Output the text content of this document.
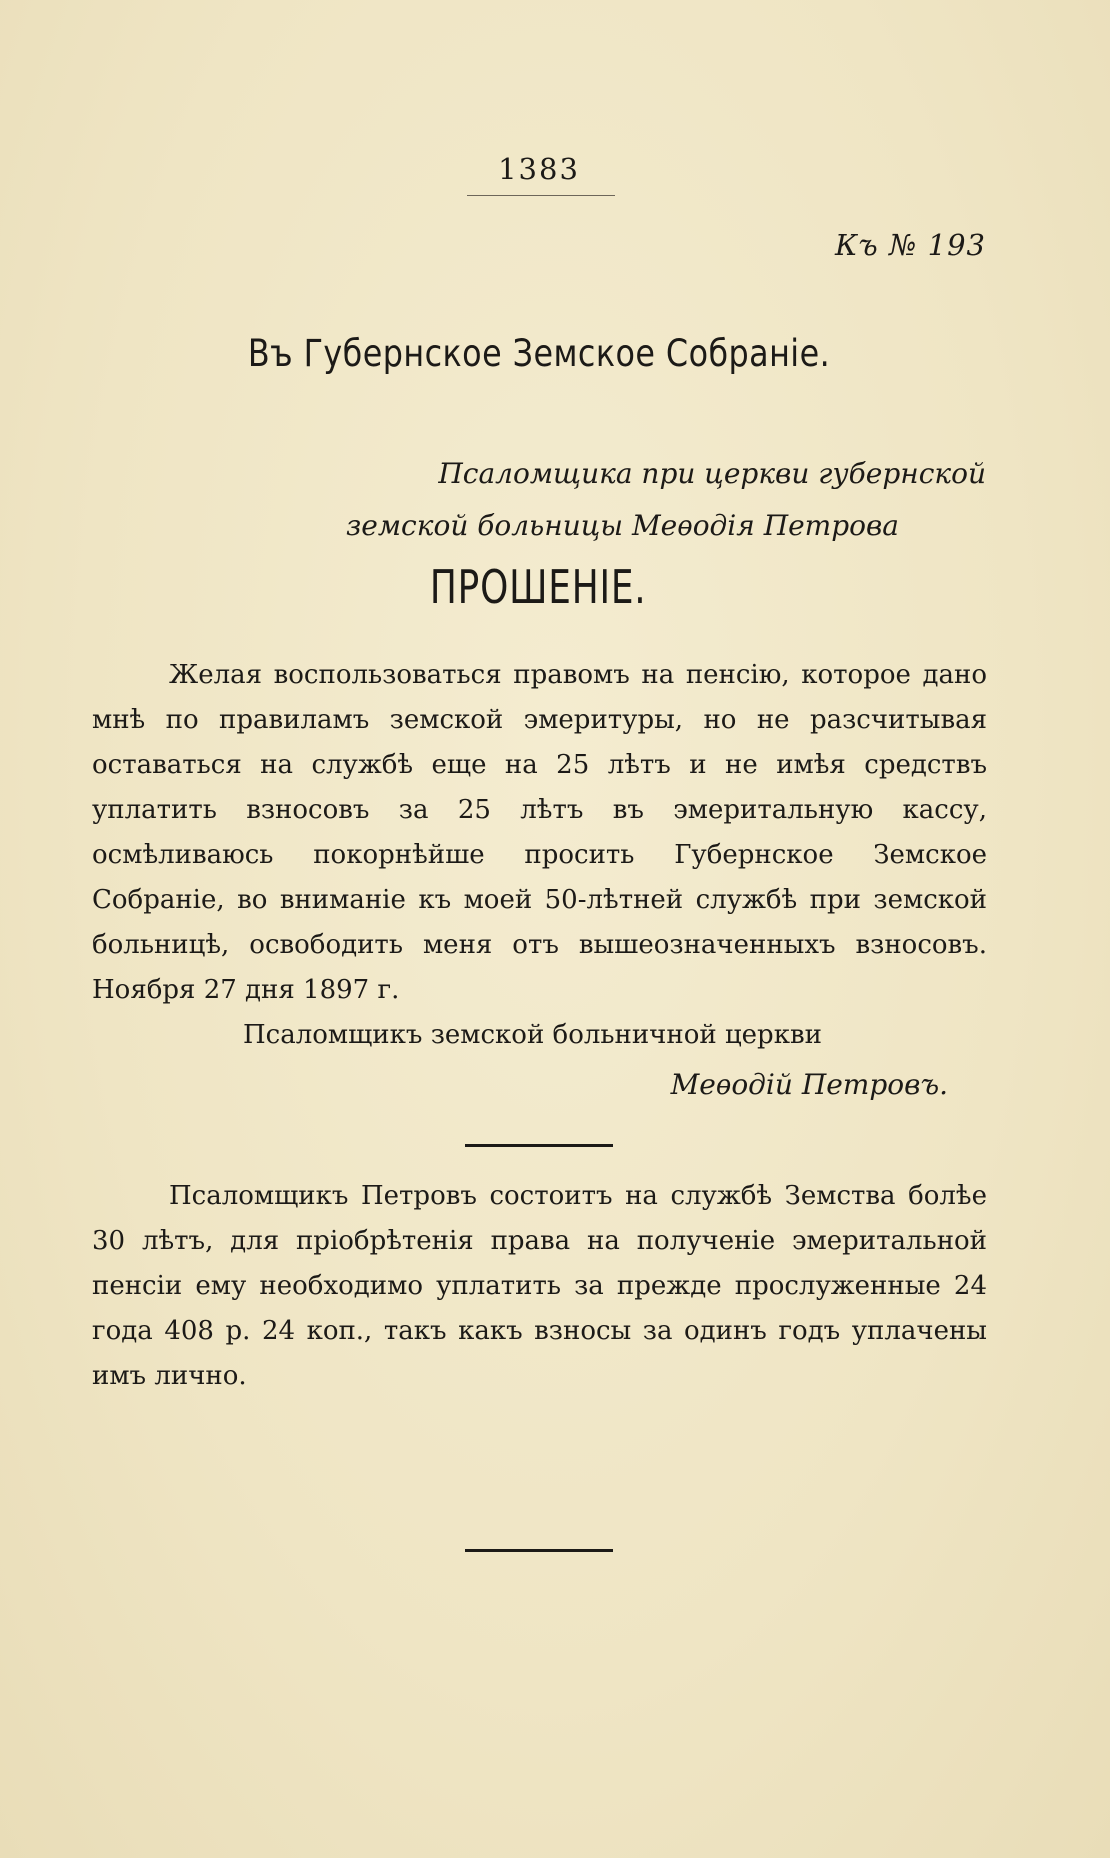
1383
Къ № 193
Въ Губернское Земское Собраніе.
Псаломщика при церкви губернской
земской больницы Меѳодія Петрова
ПРОШЕНІЕ.

Желая воспользоваться правомъ на пенсію, которое дано мнѣ по правиламъ земской эмеритуры, но не разсчитывая оставаться на службѣ еще на 25 лѣтъ и не имѣя средствъ уплатить взносовъ за 25 лѣтъ въ эмеритальную кассу, осмѣливаюсь покорнѣйше просить Губернское Земское Собраніе, во вниманіе къ моей 50-лѣтней службѣ при земской больницѣ, освободить меня отъ вышеозначенныхъ взносовъ. Ноября 27 дня 1897 г.

Псаломщикъ земской больничной церкви
Меѳодій Петровъ.

Псаломщикъ Петровъ состоитъ на службѣ Земства болѣе 30 лѣтъ, для пріобрѣтенія права на полученіе эмеритальной пенсіи ему необходимо уплатить за прежде прослуженные 24 года 408 р. 24 коп., такъ какъ взносы за одинъ годъ уплачены имъ лично.
